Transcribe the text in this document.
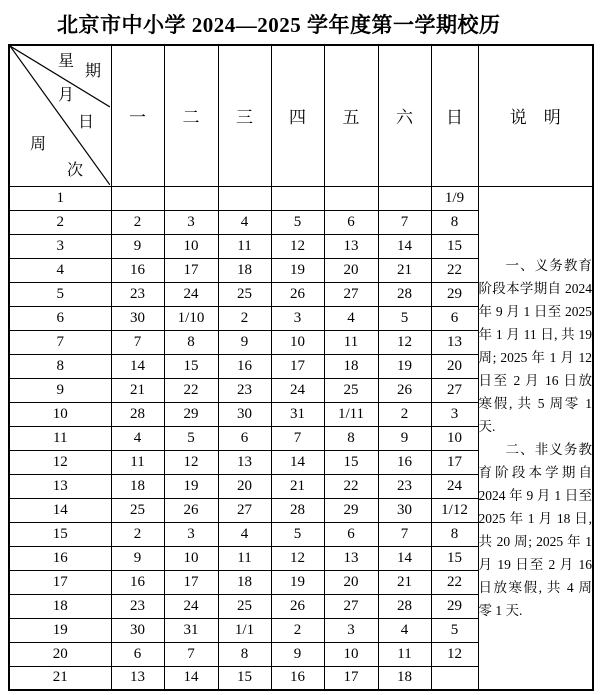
北京市中小学 2024—2025 学年度第一学期校历
星
期
月
日
周
次
	一	二	三	四	五	六	日	说　明
1							1/9	一、义务教育阶段本学期自 2024 年 9 月 1 日至 2025 年 1 月 11 日, 共 19 周; 2025 年 1 月 12 日至 2 月 16 日放寒假, 共 5 周零 1 天.

二、非义务教育阶段本学期自 2024 年 9 月 1 日至 2025 年 1 月 18 日, 共 20 周; 2025 年 1 月 19 日至 2 月 16 日放寒假, 共 4 周零 1 天.

2	2	3	4	5	6	7	8	
3	9	10	11	12	13	14	15	
4	16	17	18	19	20	21	22	
5	23	24	25	26	27	28	29	
6	30	1/10	2	3	4	5	6	
7	7	8	9	10	11	12	13	
8	14	15	16	17	18	19	20	
9	21	22	23	24	25	26	27	
10	28	29	30	31	1/11	2	3	
11	4	5	6	7	8	9	10	
12	11	12	13	14	15	16	17	
13	18	19	20	21	22	23	24	
14	25	26	27	28	29	30	1/12	
15	2	3	4	5	6	7	8	
16	9	10	11	12	13	14	15	
17	16	17	18	19	20	21	22	
18	23	24	25	26	27	28	29	
19	30	31	1/1	2	3	4	5	
20	6	7	8	9	10	11	12	
21	13	14	15	16	17	18		
